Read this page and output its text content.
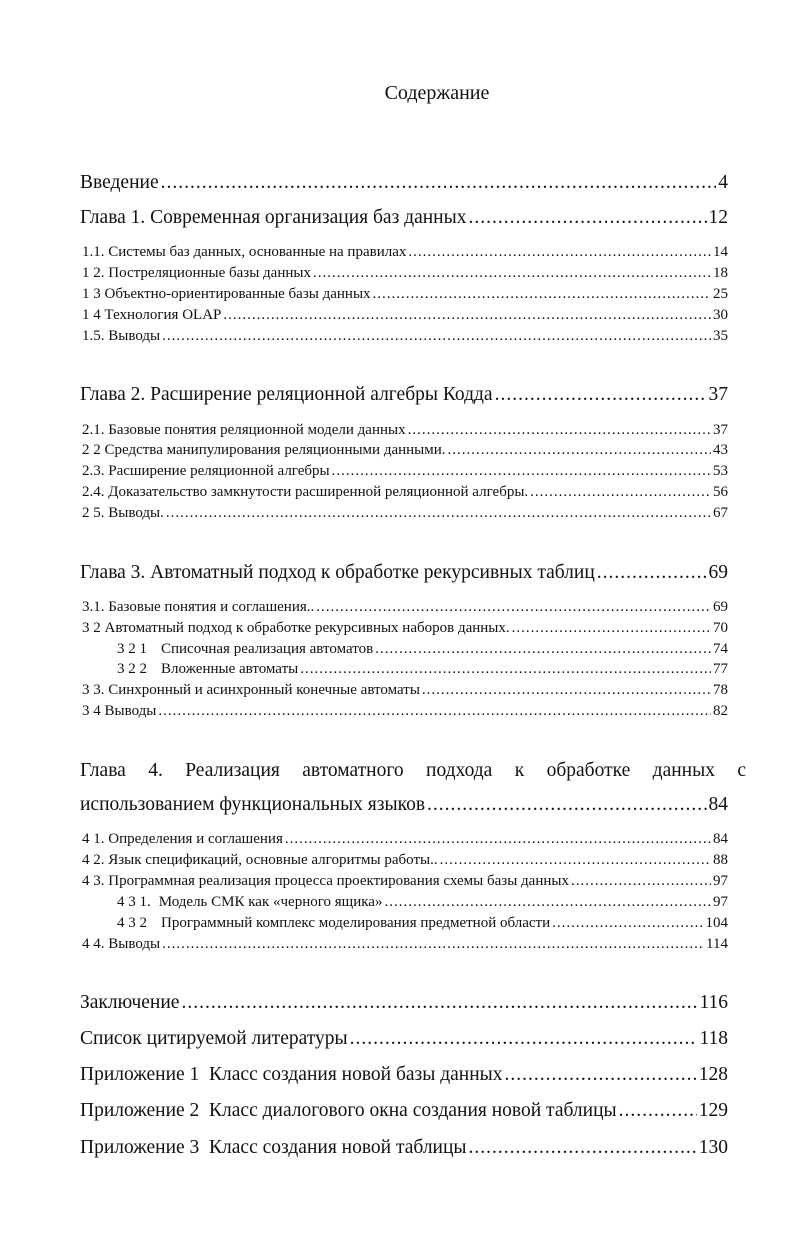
Содержание
Введение .....	4
Глава 1. Современная организация баз данных .....	12
1.1. Системы баз данных, основанные на правилах .....	14
1 2. Постреляционные базы данных .....	18
1 3 Объектно-ориентированные базы данных .....	25
1 4 Технология OLAP .....	30
1.5. Выводы .....	35
Глава 2. Расширение реляционной алгебры Кодда .....	37
2.1. Базовые понятия реляционной модели данных .....	37
2 2 Средства манипулирования реляционными данными. .....	43
2.3. Расширение реляционной алгебры .....	53
2.4. Доказательство замкнутости расширенной реляционной алгебры. .....	56
2 5. Выводы. .....	67
Глава 3. Автоматный подход к обработке рекурсивных таблиц .....	69
3.1. Базовые понятия и соглашения.. .....	69
3 2 Автоматный подход к обработке рекурсивных наборов данных. .....	70
3 2 1 Списочная реализация автоматов .....	74
3 2 2 Вложенные автоматы .....	77
3 3. Синхронный и асинхронный конечные автоматы .....	78
3 4 Выводы .....	82
Глава 4. Реализация автоматного подхода к обработке данных с
использованием функциональных языков .....	84
4 1. Определения и соглашения .....	84
4 2. Язык спецификаций, основные алгоритмы работы.. .....	88
4 3. Программная реализация процесса проектирования схемы базы данных .....	97
4 3 1. Модель СМК как «черного ящика» .....	97
4 3 2 Программный комплекс моделирования предметной области .....	104
4 4. Выводы .....	114
Заключение .....	116
Список цитируемой литературы .....	118
Приложение 1  Класс создания новой базы данных .....	128
Приложение 2  Класс диалогового окна создания новой таблицы .....	129
Приложение 3  Класс создания новой таблицы .....	130
